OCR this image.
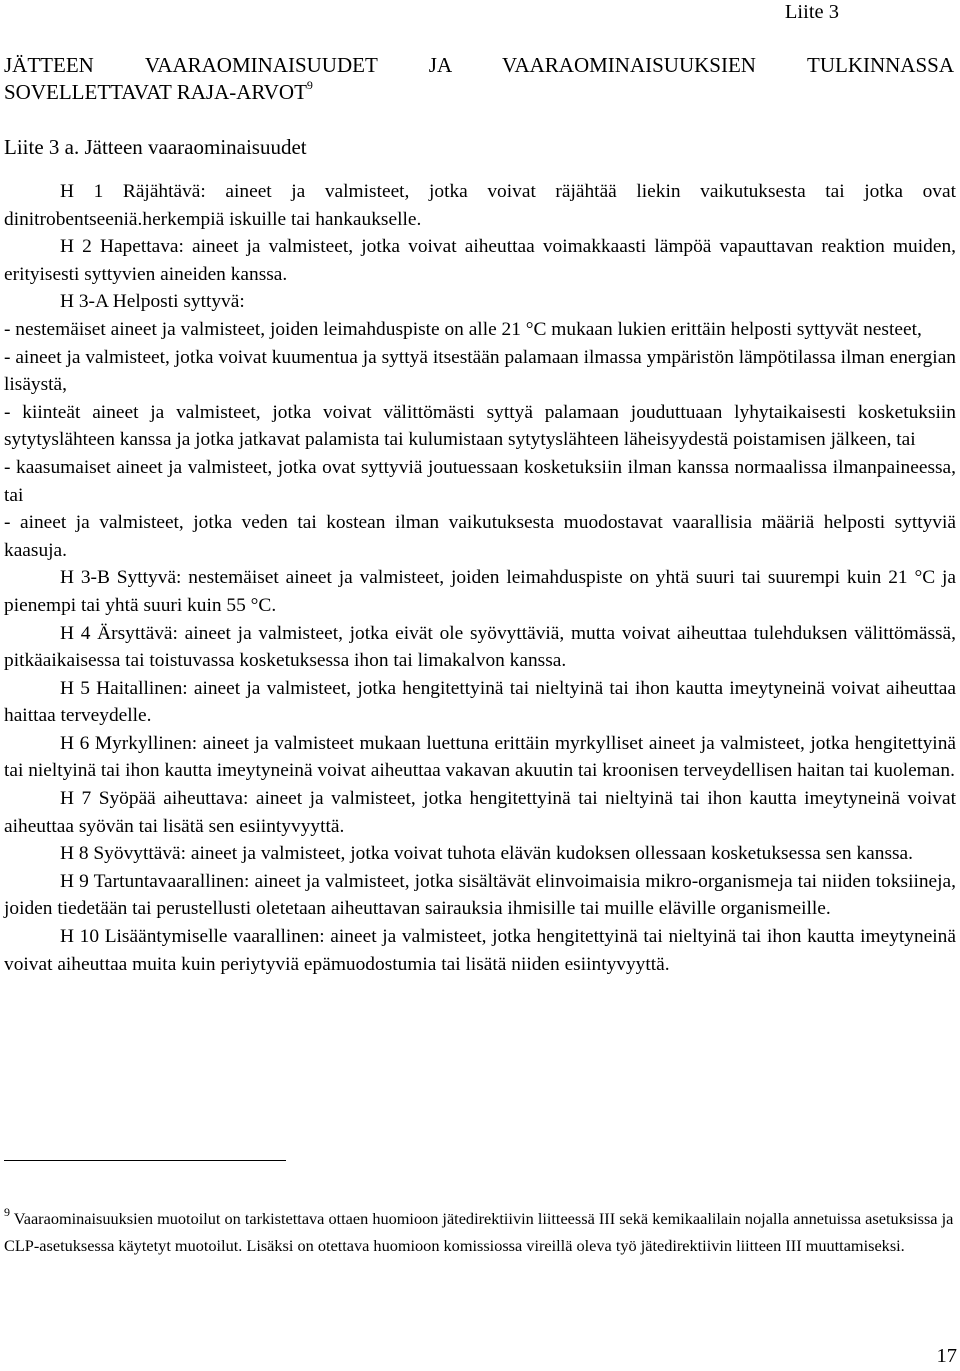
Liite 3
JÄTTEEN VAARAOMINAISUUDET JA VAARAOMINAISUUKSIEN TULKINNASSA
SOVELLETTAVAT RAJA-ARVOT$^9$
Liite 3 a. Jätteen vaaraominaisuudet

H 1 Räjähtävä: aineet ja valmisteet, jotka voivat räjähtää liekin vaikutuksesta tai jotka ovat dinitrobentseeniä.herkempiä iskuille tai hankaukselle.

H 2 Hapettava: aineet ja valmisteet, jotka voivat aiheuttaa voimakkaasti lämpöä vapauttavan reaktion muiden, erityisesti syttyvien aineiden kanssa.

H 3-A Helposti syttyvä:

- nestemäiset aineet ja valmisteet, joiden leimahduspiste on alle 21 °C mukaan lukien erittäin helposti syttyvät nesteet,

- aineet ja valmisteet, jotka voivat kuumentua ja syttyä itsestään palamaan ilmassa ympäristön lämpötilassa ilman energian lisäystä,

- kiinteät aineet ja valmisteet, jotka voivat välittömästi syttyä palamaan jouduttuaan lyhytaikaisesti kosketuksiin sytytyslähteen kanssa ja jotka jatkavat palamista tai kulumistaan sytytyslähteen läheisyydestä poistamisen jälkeen, tai

- kaasumaiset aineet ja valmisteet, jotka ovat syttyviä joutuessaan kosketuksiin ilman kanssa normaalissa ilmanpaineessa, tai

- aineet ja valmisteet, jotka veden tai kostean ilman vaikutuksesta muodostavat vaarallisia määriä helposti syttyviä kaasuja.

H 3-B Syttyvä: nestemäiset aineet ja valmisteet, joiden leimahduspiste on yhtä suuri tai suurempi kuin 21 °C ja pienempi tai yhtä suuri kuin 55 °C.

H 4 Ärsyttävä: aineet ja valmisteet, jotka eivät ole syövyttäviä, mutta voivat aiheuttaa tulehduksen välittömässä, pitkäaikaisessa tai toistuvassa kosketuksessa ihon tai limakalvon kanssa.

H 5 Haitallinen: aineet ja valmisteet, jotka hengitettyinä tai nieltyinä tai ihon kautta imeytyneinä voivat aiheuttaa haittaa terveydelle.

H 6 Myrkyllinen: aineet ja valmisteet mukaan luettuna erittäin myrkylliset aineet ja valmisteet, jotka hengitettyinä tai nieltyinä tai ihon kautta imeytyneinä voivat aiheuttaa vakavan akuutin tai kroonisen terveydellisen haitan tai kuoleman.

H 7 Syöpää aiheuttava: aineet ja valmisteet, jotka hengitettyinä tai nieltyinä tai ihon kautta imeytyneinä voivat aiheuttaa syövän tai lisätä sen esiintyvyyttä.

H 8 Syövyttävä: aineet ja valmisteet, jotka voivat tuhota elävän kudoksen ollessaan kosketuksessa sen kanssa.

H 9 Tartuntavaarallinen: aineet ja valmisteet, jotka sisältävät elinvoimaisia mikro-organismeja tai niiden toksiineja, joiden tiedetään tai perustellusti oletetaan aiheuttavan sairauksia ihmisille tai muille eläville organismeille.

H 10 Lisääntymiselle vaarallinen: aineet ja valmisteet, jotka hengitettyinä tai nieltyinä tai ihon kautta imeytyneinä voivat aiheuttaa muita kuin periytyviä epämuodostumia tai lisätä niiden esiintyvyyttä.

$^9$ Vaaraominaisuuksien muotoilut on tarkistettava ottaen huomioon jätedirektiivin liitteessä III sekä kemikaalilain nojalla annetuissa asetuksissa ja CLP-asetuksessa käytetyt muotoilut. Lisäksi on otettava huomioon komissiossa vireillä oleva työ jätedirektiivin liitteen III muuttamiseksi.
17
